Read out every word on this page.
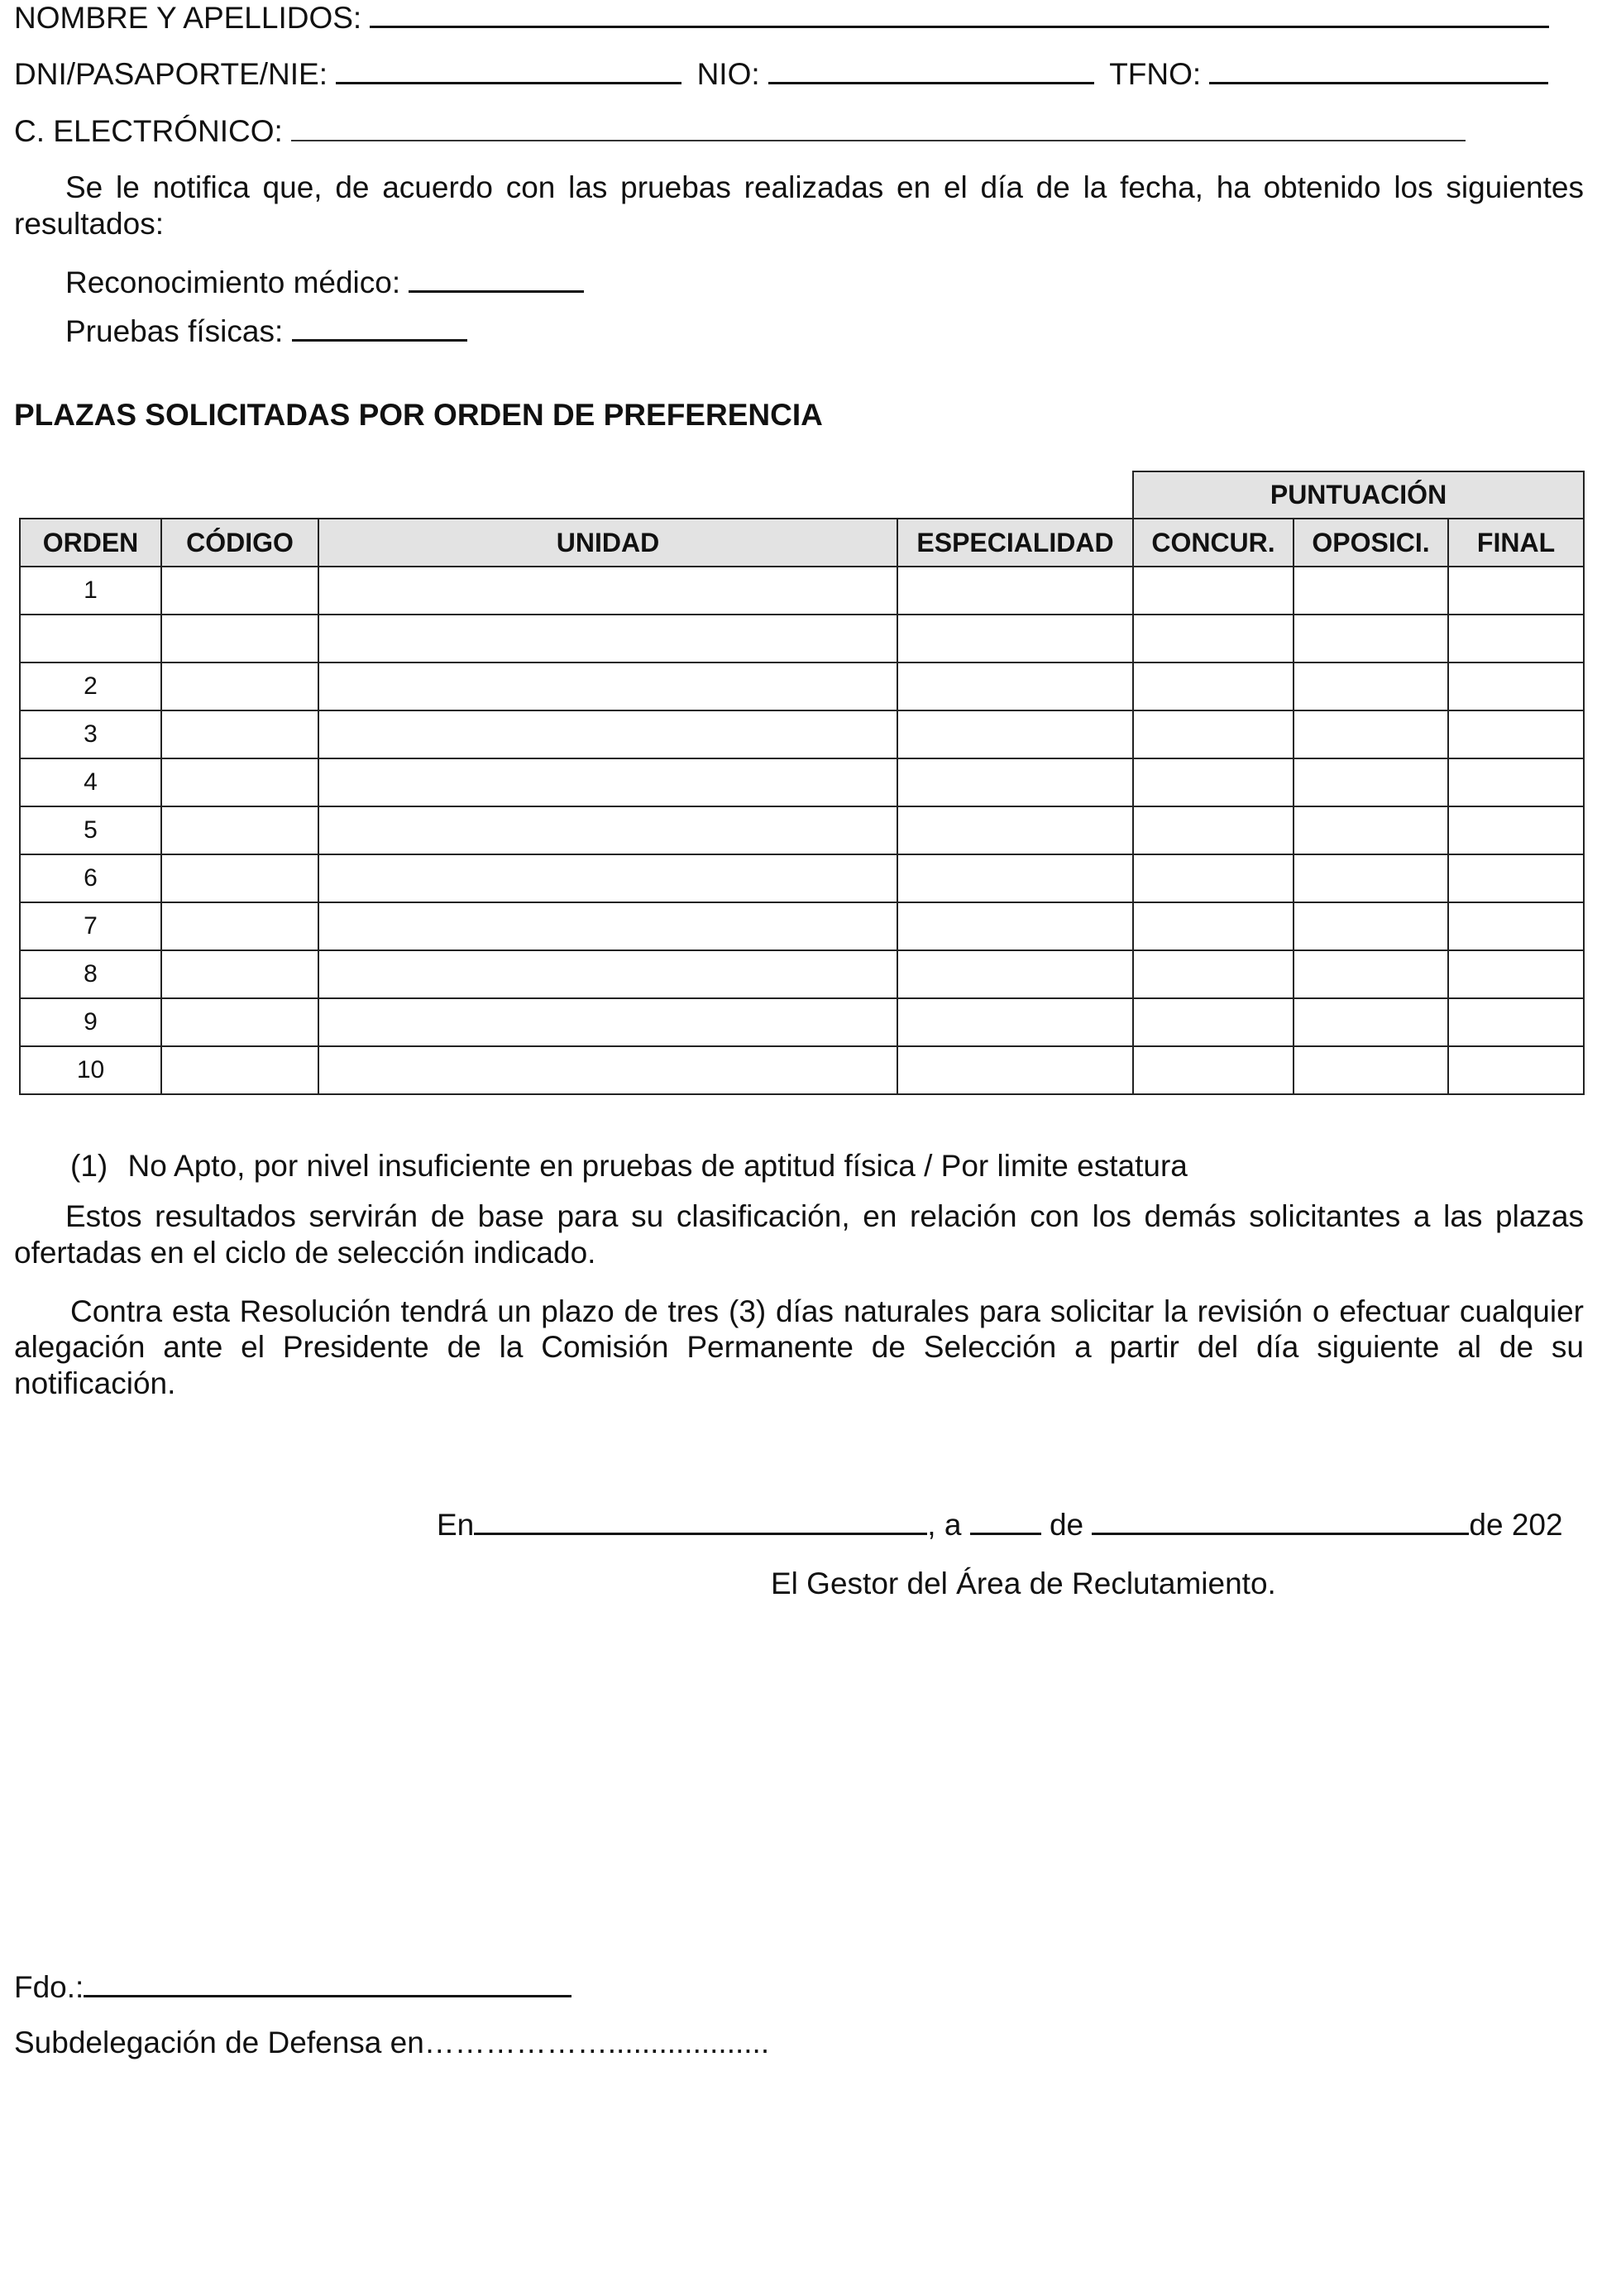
NOMBRE Y APELLIDOS:
DNI/PASAPORTE/NIE:	NIO:	TFNO:
C. ELECTRÓNICO:
Se le notifica que, de acuerdo con las pruebas realizadas en el día de la fecha, ha obtenido los siguientes resultados:
Reconocimiento médico:
Pruebas físicas:
PLAZAS SOLICITADAS POR ORDEN DE PREFERENCIA
				PUNTUACIÓN		
ORDEN	CÓDIGO	UNIDAD	ESPECIALIDAD	CONCUR.	OPOSICI.	FINAL
1						

2						
3						
4						
5						
6						
7						
8						
9						
10						
(1) No Apto, por nivel insuficiente en pruebas de aptitud física / Por limite estatura
Estos resultados servirán de base para su clasificación, en relación con los demás solicitantes a las plazas ofertadas en el ciclo de selección indicado.
Contra esta Resolución tendrá un plazo de tres (3) días naturales para solicitar la revisión o efectuar cualquier alegación ante el Presidente de la Comisión Permanente de Selección a partir del día siguiente al de su notificación.
En	, a	de	de 202
El Gestor del Área de Reclutamiento.
Fdo.:
Subdelegación de Defensa en………………...................
